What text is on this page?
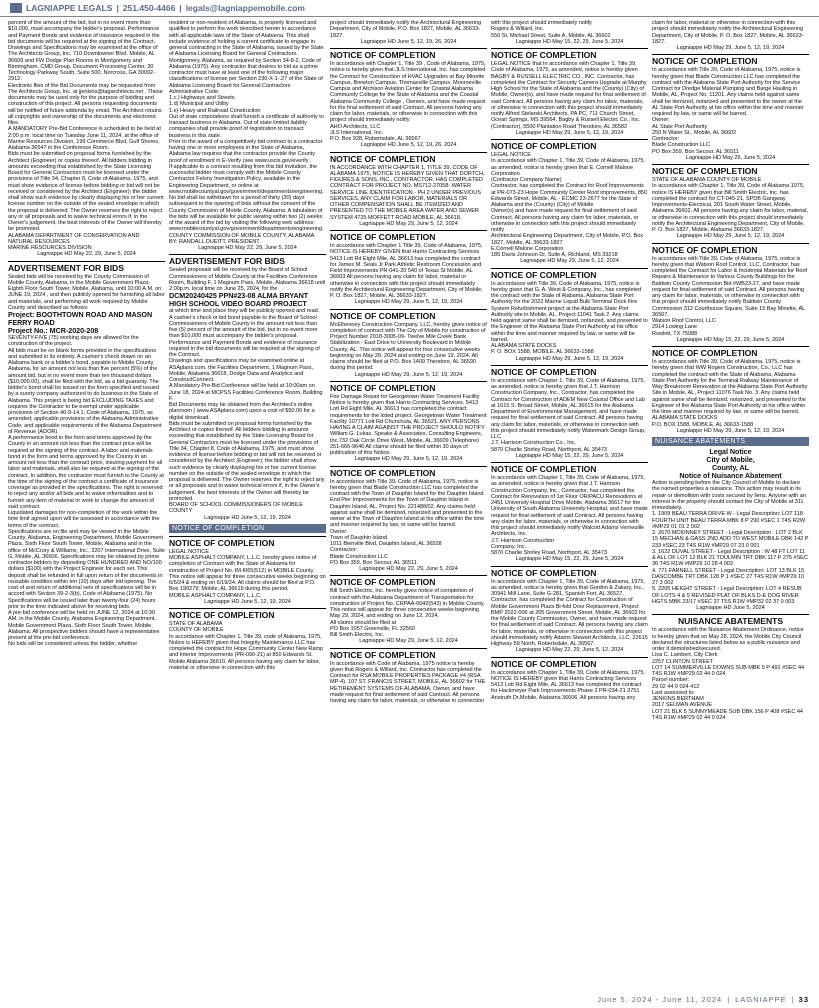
LAGNIAPPE LEGALS | 251.450-4466 | legals@lagniappemobile.com

percent of the amount of the bid, but in no event more than $10,000, must accompany the bidder's proposal. Performance and Payment Bonds and evidence of insurance required in the bid documents will be required at the signing of the Contract.

Drawings and Specifications may be examined at the office of The Architects Group, Inc. 710 Downtowner Blvd. Mobile, AL 36609 and FW Dodge Plan Rooms in Montgomery and Birmingham, CMD Group, Document Processing Center, 30 Technology Parkway South, Suite 500, Norcross, GA 30092-2912.

Electronic files of the Bid Documents may be requested from The Architects Group, Inc. at jjenkins@tagarchitects.net . These documents may be used only for the purpose of bidding and construction of this project. All persons requesting documents will be notified of future addenda by email. The Architect retains all copyrights and ownership of the documents and electronic files.

A MANDATORY Pre-Bid Conference is scheduled to be held at 2:00 p.m. local time on Tuesday June 11, 2024, at the office of Marine Resources Division, 199 Commerce Blvd, Gulf Shores, Alabama 36547 in the Conference Room.

Bids must be submitted on proposal forms furnished by the Architect (Engineer) or copies thereof. All bidders bidding in amounts exceeding that established by the State Licensing Board for General Contractors must be licensed under the provisions of Title 34, Chapter 8, Code of Alabama, 1975, and must show evidence of license before bidding or bid will not be received or considered by the Architect (Engineer); the bidder shall show such evidence by clearly displaying his or her current license number on the outside of the sealed envelope in which the proposal is delivered. The Owner reserves the right to reject any or all proposals and to waive technical errors if, in the Owner's judgement, the best interests of the Owner will thereby be promoted.

ALABAMA DEPARTMENT OF CONSERVATION AND NATURAL RESOURCES

MARINE RESOURCES DIVISION

Lagniappe HD May 22, 29, June 5, 2024

ADVERTISEMENT FOR BIDS

Sealed bids will be received by the County Commission of Mobile County, Alabama, in the Mobile Government Plaza, Eighth Floor South Tower, Mobile, Alabama, until 10:00 A.M. on JUNE 19, 2024 , and then publicly opened for furnishing all labor and materials, and performing all work required by Mobile County and described as follows:

Project: BOOTHTOWN ROAD AND MASON FERRY ROAD

Project No.: MCR-2020-208

SEVENTY-FIVE (75) working days are allowed for the construction of the project.

All bids must be on blank forms provided in the specifications and submitted in its entirety. A cashier's check drawn on an Alabama bank or a bidder's bond, payable to Mobile County, Alabama, for an amount not less than five percent (5%) of the amount bid, but in no event more than ten thousand dollars ($10,000.00), shall be filed with the bid, as a bid guaranty. The bidder's bond shall be issued on the form specified and issued by a surety company authorized to do business in the State of Alabama. This project is being bid EXCLUDING TAXES and requires the Contractor to be exempt under applicable provisions of Section 40-9-14.1, Code of Alabama, 1975, as amended; applicable provisions of the Alabama Administrative Code; and applicable requirements of the Alabama Department of Revenue (ADOR).

A performance bond in the form and terms approved by the County in an amount not less than the contract price will be required at the signing of the contract. A labor and materials bond in the form and terms approved by the County in an amount not less than the contract price, insuring payment for all labor and materials, shall also be required at the signing of the contract. In addition, the contractor must furnish to the County at the time of the signing of the contract a certificate of insurance coverage as provided in the specifications. The right is reserved to reject any and/or all bids and to waive informalities and to furnish any item of material or work to change the amount of said contract.

Liquidated damages for non-completion of the work within the time limit agreed upon will be assessed in accordance with the terms of the contract.

Specifications are on file and may be viewed in the Mobile County, Alabama, Engineering Department, Mobile Government Plaza, Sixth Floor South Tower, Mobile, Alabama and in the office of McCrory & Williams, Inc., 3207 International Drive, Suite G, Mobile, AL 36606. Specifications may be obtained by prime contractor bidders by depositing ONE HUNDRED AND NO/100 dollars ($100) with the Project Engineer for each set. This deposit shall be refunded in full upon return of the documents in reusable condition within ten (10) days after bid opening. The cost of and return of additional sets of specifications will be in accord with Section 39-2-3(b), Code of Alabama (1975). No Specifications will be issued later than twenty-four (24) hours prior to the time indicated above for receiving bids.

A pre-bid conference will be held on JUNE 12, 2024 at 10:30 AM, in the Mobile County, Alabama Engineering Department, Mobile Government Plaza, Sixth Floor South Tower, Mobile, Alabama. All prospective bidders should have a representative present at the pre-bid conference.

No bids will be considered unless the bidder, whether

resident or non-resident of Alabama, is properly licensed and qualified to perform the work described herein in accordance with all applicable laws of the State of Alabama. This shall include evidence of holding a current certificate to engage in general contracting in the State of Alabama, issued by the State of Alabama Licensing Board for General Contractors. Montgomery, Alabama, as required by Section 34-8-2, Code of Alabama (1975). Any contractor that desires to bid as a prime contractor must have at least one of the following major classifications of license per Section 230-X-1-.27 of the State of Alabama Licensing Board for General Contractors Administrative Code:

1.c.) Highways and Streets

1.d) Municipal and Utility

1.e) Heavy and Railroad Construction

Out of state corporations shall furnish a certificate of authority to transact business in Alabama. Out of state limited liability companies shall provide proof of registration to transact business in this state.

Prior to the award of a competitively bid contract to a contractor having one or more employees in the State of Alabama, Alabama law requires that the contractor provide the County proof of enrollment in E-Verify (see www.uscis.gov/everify .

If applicable to a contract resulting from this bid invitation, the successful bidder must comply with the Mobile County Contractor Felony Investigation Policy, available in the Engineering Department, or online at www.mobilecountyal.gov/government/departments/engineering.

No bid shall be withdrawn for a period of thirty (30) days subsequent to the opening of bids without the consent of the County Commission of Mobile County, Alabama. A tabulation of the bids will be available for public viewing within two (2) weeks of the award of the bid by visiting the following web address: www.mobilecountyal.gov/government/departments/engineering.

COUNTY COMMISSION OF MOBILE COUNTY, ALABAMA

BY: RANDALL DUEITT, PRESIDENT

Lagniappe HD May 22, 29, June 5, 2024

ADVERTISEMENT FOR BIDS

Sealed proposals will be received by the Board of School Commissioners of Mobile County at the Facilities Conference Room, Building F, 1 Magnum Pass, Mobile, Alabama 36618 until 2:00p.m. local time on June 25, 2024, for the

DCM20240425 PPN#23-08 ALMA BRYANT HIGH SCHOOL VIDEO BOARD PROJECT

at which time and place they will be publicly opened and read.

A cashier's check or bid bond payable to the Board of School Commissioners of Mobile County in the amount not less than five (5) percent of the amount of the bid, but in no event more than $10,000 must accompany the bidder's proposal. Performance and Payment Bonds and evidence of insurance required in the bid documents will be required at the signing of the Contract.

Drawings and specifications may be examined online at ASAplans.com, the Facilities Department, 1 Magnum Pass, Mobile, Alabama 36618, Dodge Data and Analytics and ConstructConnect.

A Mandatory Pre-Bid Conference will be held at 10:00am on June 18, 2024 at MCPSS Facilities Conference Room, Building F.

Bid Documents may be obtained from the Architect's online planroom ( www.ASAplans.com) upon a cost of $50.00 for a digital download.

Bids must be submitted on proposal forms furnished by the Architect or copies thereof. All bidders bidding in amounts exceeding that established by the State Licensing Board for General Contractors must be licensed under the provisions of Title 34, Chapter 8, Code of Alabama, 1975, and must show evidence of license before bidding or bid will not be received or considered by the Architect (Engineer); the bidder shall show such evidence by clearly displaying his or her current license number on the outside of the sealed envelope in which the proposal is delivered. The Owner reserves the right to reject any or all proposals and to waive technical errors if, in the Owner's judgement, the best interests of the Owner will thereby be promoted.

BOARD OF SCHOOL COMMISSIONERS OF MOBILE COUNTY

Lagniappe HD June 5, 12, 19, 2024

NOTICE OF COMPLETION
NOTICE OF COMPLETION

LEGAL NOTICE

MOBILE ASPHALT COMPANY, L.L.C. hereby gives notice of completion of Contract with the State of Alabama for construction of Project No. IM-I065(512) in MOBILE County. This notice will appear for three consecutive weeks beginning on 6/5/24 & ending on 6/19/24. All claims should be filed at P.O. Box 190279; Mobile, AL 36619 during this period.

MOBILE ASPHALT COMPANY, L.L.C.

Lagniappe HD June 5, 12, 19, 2024

NOTICE OF COMPLETION

STATE OF ALABAMA

COUNTY OF MOBILE

In accordance with Chapter 1, Title 39, code of Alabama, 1975, Notice is HEREBY given that Integrity Maintenance LLC has completed the contract for Hope Community Center New Ramp and Interior Improvements (PR-090-21) at 850 Edwards St. Mobile Alabama 36610. All persons having any claim for labor, material or otherwise in connection with this

project should immediately notify the Architectural Engineering Department, City of Mobile, P.O. Box 1827, Mobile, AL 36633-1827.

Lagniappe HD June 5, 12, 19, 26, 2024

NOTICE OF COMPLETION

In accordance with Chapter 1, Title 39 , Code of Alabama, 1975, notice is hereby given that JLS International, Inc. has completed the Contract for Construction of HVAC Upgrades at Bay Minette Campus, Brewton Campus, Thomasville Campus, Monroeville Campus and Atchison Aviation Center for Coastal Alabama Community College for the State of Alabama and the Coastal Alabama Community College , Owners, and have made request for the final settlement of said Contract. All persons having any claim for labor, materials, or otherwise in connection with this project should immediately notify

AHO Architects, LLC

JLS International, Inc.

P.O. Box 928, Robertsdale, AL 36567

Lagniappe HD June 5, 12, 19, 26, 2024

NOTICE OF COMPLETION

IN ACCORDANCE WITH CHAPTER 1, TITLE 39, CODE OF ALABAMA 1975, NOTICE IS HEREBY GIVEN THAT DORTCH, FIGURES & SONS, INC., CONTRACTOR, HAS COMPLETED CONTRACT FOR PROJECT NO. MS712-27058- WATER SERVICE LINE IDENTIFICATION - PH 2 UNDER PREVIOUS SERVICES, ANY CLAIM FOR LABOR, MATERIALS OR OTHER COMPENSATION SHALL BE ITEMIZED AND PRESENTED TO THE MOBILE AREA WATER AND SEWER SYSTEM 4725 MOFFETT ROAD MOBILE, AL 36618.

Lagniappe HD May 29, June 5, 12, 2024

NOTICE OF COMPLETION

In accordance with Chapter 1 Title 39, Code of Alabama, 1975, NOTICE IS HEREBY GIVEN that Harris Contracting Services 5413 Lott Rd Eight Mile, AL 36613 has completed the contract for James M. Seals Jr Park Athletic Restroom Concession and Field Improvements PR-041-20 540 of Texas St Mobile, AL 36603 All persons having any claim for labor, material or otherwise in connection with this project should immediately notify the Architectural Engineering Department, City of Mobile, P. O. Box 1827, Mobile, AL 36633-1827.

Lagniappe HD May 29, June 5, 12, 19, 2024

NOTICE OF COMPLETION

McElhenney Construction Company, LLC, hereby gives notice of completion of contract with The City of Mobile for construction of Project Number 2018-3005-09- Twelve Mile Creek Bank Stabilization - East Drive to University Boulevard in Mobile County, AL. This notice will appear for four consecutive weeks beginning on May 29, 2024 and ending on June 19, 2024. All claims should be filed at P.O. Box 1409 Theodore, AL 36590 during this period.

Lagniappe HD May 29, June 5, 12, 19, 2024

NOTICE OF COMPLETION

Fire Damage Repair for Georgetown Water Treatment Facility

Notice is hereby given that Harris Contracting Services. 5413 Lott Rd Eight Mile, AL 36613 has completed the contract requirements for the listed project. Georgetown Water Treatment Facility 10771 Lott Rd Chunchula, AL 36521. ANY PERSONS HAVING A CLAIM AGAINST THE PROJECT SHOULD NOTIFY William G. Lukas, Speaks & Associates, Consulting Engineers, Inc.732 Oak Circle Drive West, Mobile, AL 36609 (Telephone) 251-666-9646 All claims should be filed within 30 days of publication of this Notice.

Lagniappe HD May 29, June 5, 12, 19, 2024

NOTICE OF COMPLETION

In accordance with Title 39, Code of Alabama, 1975, notice is hereby given that Blade Construction LLC has completed the contract with the Town of Dauphin Island for the Dauphin Island End Pier Improvements for the Town of Dauphin Island in Dauphin Island, AL, Project No. 221488/02. Any claims held against same shall be itemized, notarized and presented to the owner at the Town of Dauphin Island at his office within the time and manner required by law, or same will be barred.

Owner:

Town of Dauphin Island

1011 Bienville Blvd, Dauphin Island, AL 36528

Contractor:

Blade Construction LLC

PO Box 359, Bon Secour, AL 36511

Lagniappe HD May 22, 29, June 5, 2024

NOTICE OF COMPLETION

Bill Smith Electric, Inc. hereby gives notice of completion of contract with the Alabama Department of Transportation for construction of Project No. CRPAA-0042(543) in Mobile County. This notice will appear for three consecutive weeks beginning May 29, 2024, and ending on June 12, 2024.

All claims should be filed at

PO Box 1057 Greenville, FL 32560

Bill Smith Electric, Inc.

Lagniappe HD May 29, June 5, 12, 2024

NOTICE OF COMPLETION

In accordance with Code of Alabama, 1975 notice is hereby given that Rogers & Willard, Inc. Contractor has completed the Contract for RSA MOBILE PROPERTIES PACKAGE #4 (RSA MP-4), 107 ST. FRANCIS STREET, MOBILE, AL 36602 for THE RETIREMENT SYSTEMS OF ALABAMA, Owner, and have made request for final settlement of said Contract. All persons having any claim for labor, materials, or otherwise in connection

with this project should immediately notify

Rogers & Willard, Inc.

550 St. Michael Street, Suite A, Mobile, AL 36602

Lagniappe HD May 15, 22, 29, June 5, 2024

NOTICE OF COMPLETION

LEGAL NOTICE that In accordance with Chapter 1, Title 39, Code of Alabama, 1975, as amended, notice is hereby given BAGBY & RUSSELL ELECTRIC CO., INC. Contractor, has completed the Contract for Security Camera Upgrade at Murphy High School for the State of Alabama and the (County) (City) of Mobile, Owner(s), and have made request for final settlement of said Contract. All persons having any claim for labor, materials, or otherwise in connection with this project should immediately notify Alfred Stelarski Architects, PA PC, 711 Church Street, Ocean Springs, MS 39564, Bagby & Russell Electric Co., Inc. (Contractor), 5500 Plantation Road Theodore, AL 36582

Lagniappe HD May 29, June 5, 12, 19, 2024

NOTICE OF COMPLETION

LEGAL NOTICE

In accordance with Chapter 1, Title 39, Code of Alabama, 1975, as amended, notice is hereby given that E. Cornell Malone Corporation

(Contractor Company Name)

Contractor, has completed the Contract for Roof Improvements

at PR-073-23 Hope Community Center Roof improvements, 850 Edwards Street, Mobile, AL - ECMC 23-2677 for the State of Alabama and the (County) (City) of Mobile

Owner(s) and have made request for final settlement of said Contract. All persons having any claim for labor, materials, or otherwise in connection with this project should immediately notify

Architectural Engineering Department, City of Mobile, P.O. Box 1827, Mobile, AL 36633-1827

E.Cornell Malone Corporation

185 Davis Johnson Dr, Suite A, Richland, MS 39218

Lagniappe HD May 29, June 5, 12, 2024

NOTICE OF COMPLETION

In accordance with Title 39, Code of Alabama, 1975, notice is hereby given that G. A. West & Company, Inc., has completed the contract with the State of Alabama, Alabama State Port Authority for the 2022 Marine Liquid Bulk Terminal Dock Fire System Refurbishment project at the Alabama State Port Authority site in Mobile, AL, Project 11041 Task 2. Any claims held against same shall be itemized, notarized, and presented to the Engineer of the Alabama State Port Authority at his office within the time and manner required by law, or same will be barred.

ALABAMA STATE DOCKS

P. O. BOX 1588, MOBILE, AL 36633-1588

Lagniappe HD May 29, June 5, 12, 19, 2024

NOTICE OF COMPLETION

In accordance with Chapter 1, Title 39, Code of Alabama, 1975, as amended, notice is hereby given that J.T. Harrison Construction Company, Inc., Contractor, has completed the Contract for Construction of ADEM New Coastal Office and Lab at 1615 S. Broad Street, Mobile, AL 36615 for the Alabama Department of Environmental Management, and have made request for final settlement of said Contract. All persons having any claim for labor, materials, or otherwise in connection with this project should immediately notify Watermark Design Group, LLC

J.T. Harrison Construction Co., Inc.

5870 Charlie Shirley Road, Northport, AL 35473

Lagniappe HD May 15, 22, 29, June 5, 2024

NOTICE OF COMPLETION

In accordance with Chapter 1, Title 39, Code of Alabama, 1975, as amended, notice is hereby given that J.T. Harrison Construction Company, Inc., Contractor, has completed the Contract for Renovation of 1st Floor OR/PACU Renovations at 2451 University Hospital Drive Mobile, Alabama 36617 for the University of South Alabama University Hospital, and have made request for final settlement of said Contract. All persons having any claim for labor, materials, or otherwise in connection with this project should immediately notify Walcott Adams Verneuille Architects, Inc.

J.T. Harrison Construction

Company, Inc.

5870 Charlie Shirley Road, Northport, AL 35473

Lagniappe HD May 15, 22, 29, June 5, 2024

NOTICE OF COMPLETION

In accordance with Chapter 1, Title 39, Code of Alabama, 1975, as amended, notice is hereby given that Gordon & Zakary, Inc., 30941 Mill Lane, Suite G-281, Spanish Fort, AL 36527, Contractor, has completed the Contract for Construction of Mobile Government Plaza Bi-fold Door Replacement, Project BMP 2022-006 at 205 Government Street, Mobile, AL 36602 for the Mobile County Commission, Owner, and have made request for final settlement of said Contract. All persons having any claim for labor, materials, or otherwise in connection with this project should immediately notify Adams Stewart Architects, LLC, 22615 Highway 59 North, Robertsdale, AL 36567.

Lagniappe HD May 22, 29, June 5, 12, 2024

NOTICE OF COMPLETION

In accordance with Chapter 1, Title 39, Code of Alabama, 1975, NOTICE IS HEREBY given that Harris Contracting Services 5413 Lott Rd Eight Mile, AL 36613 has completed the contract for Hackmeyer Park Improvements Phase 2 PR-034-21 3751 Anstruth Dr,Mobile, Alabama 36606. All persons having any

claim for labor, material or otherwise in connection with this project should immediately notify the Architectural Engineering Department, City of Mobile, P. O. Box 1827, Mobile, AL 36633-1827.

Lagniappe HD May 29, June 5, 12, 19, 2024

NOTICE OF COMPLETION

In accordance with Title 39, Code of Alabama, 1975, notice is hereby given that Blade Construction LLC has completed the contract with the Alabama State Port Authority for the Service Contract for Dredge Material Pumping and Barge Hauling in Mobile, AL, Project No. 11201. Any claims held against same shall be itemized, notarized and presented to the owner at the AL State Port Authority at his office within the time and manner required by law, or same will be barred.

Owner:

AL State Port Authority

250 N Water St., Mobile, AL 36602

Contractor:

Blade Construction LLC

PO Box 359, Bon Secour, AL 36511

Lagniappe HD May 29, June 5, 2024

NOTICE OF COMPLETION

STATE OF ALABAMA COUNTY OF MOBILE

In accordance with Chapter 1, Title 39, Code of Alabama 1975, notice IS HEREBY given that Bill Smith Electric, Inc. has completed the contract for CT-045-21, SPDB Gangway Improvements-Electrical, 201 South Water Street, Mobile, Alabama 36602. All persons having any claim for labor, material, or otherwise in connection with this project should immediately notify the Architectural Engineering Department, City of Mobile, P. O. Box 1827, Mobile, Alabama 36633-1827.

Lagniappe HD May 29, June 5, 12, 19, 2024

NOTICE OF COMPLETION

In accordance with Title 39, Code of Alabama, 1975, notice is hereby given that Watson Roof Control, LLC, Contractor, has completed the Contract for Labor & Incidental Materials for Roof Repairs & Maintenance to Various County Buildings for the Baldwin County Commission Bid #WB23-27, and have made request for final settlement of said Contract. All persons having any claim for labor, materials, or otherwise in connection with this project should immediately notify Baldwin County Commission 312 Courthouse Square, Suite 15 Bay Minette, AL 36507.

Watson Roof Control, LLC

2914 Lowing Lane

Rowlett, TX 75088

Lagniappe HD May 15, 22, 29, June 5, 2024

NOTICE OF COMPLETION

In accordance with Title 39, Code of Alabama, 1975, notice is hereby given that WW Rogers Construction, Co., LLC has completed the contract with the State of Alabama, Alabama State Port Authority for the Terminal Railway Maintenance of Way Breakroom Renovation at the Alabama State Port Authority Site in Mobile, AL, Project 11076 Task No. 3. Any claims held against same shall be itemized, notarized, and presented to the Engineer of the Alabama State Port Authority at his office within the time and manner required by law, or same will be barred.

ALABAMA STATE DOCKS

P.O. BOX 1588, MOBILE, AL 36633-1588

Lagniappe HD May 29, June 5, 12, 19, 2024

NUISANCE ABATEMENTS

Legal Notice

City of Mobile,

County, AL

Notice of Nuisance Abatement

Action is pending before the City Council of Mobile to declare the named properties a nuisance. This action may result in its repair or demolition with costs secured by liens. Anyone with an interest in the property should contact the City of Mobile at 311 immediately.

1. 1909 BEAU TERRA DRIVE W - Legal Description: LOT 118 FOURTH UNIT BEAU TERRA MBK 8 P 290 #SEC 1 T4S R2W #MP29 01 01 2 002

2. 2670 MCKINNEY STREET - Legal Description : LOT 2 BLK 15 MECHAN & GASS 2ND ADD TO WEST MOBILE DBK 142 P 233 #SEC 23 T4S R1W #MP29 07 23 0 001

3. 1622 DUVAL STREET - Legal Description : W 48 FT LOT 11 & ALL OF LOT 12 BLK 21 TOULMIN TRT DBK 117 P 275 #SEC 36 T4S R1W #MP29 10 28 4 003

4. 771 FARNELL STREET - Legal Description: LOT 13 BLK 15 DASCOMBE TRT DBK 128 P 1 #SEC 27 T4S R1W #MP29 10 27 3 002

5. 2205 HEIGHT STREET - Legal Description: LOT 4 RESUB OF LOTS 4 & 5 REVISED PLAT OF BLKS D-E DOG RIVER HGTS MBK 23/17 #SEC 37 T5S R1W #MP32 02 37 0 003

Lagniappe HD June 5, 2024

NUISANCE ABATEMENTS

In accordance with the Nuisance Abatement Ordinance, notice is hereby given that on May 28, 2024, the Mobile City Council declared the structures listed below as a public nuisance and order it demolished/secured.

Lisa C. Lambert, City Clerk

2257 CLINTON STREET

LOT 14 SUMMERVILLE DOWNS SUB MBK 5 P 491 #SEC 44 T4S R1W #MP29 02 44 0 024

Parcel number:

29 02 44 0 024 412

Last assessed to:

JENKINS BERTHAM

2017 SELMAN AVENUE

LOT 21 BLK 5 SUNNYMEADE SUB DBK 156 P 408 #SEC 44 T4S R1W #MP29 02 44 0 024

June 5, 2024 - June 11, 2024 | LAGNIAPPE | 33
